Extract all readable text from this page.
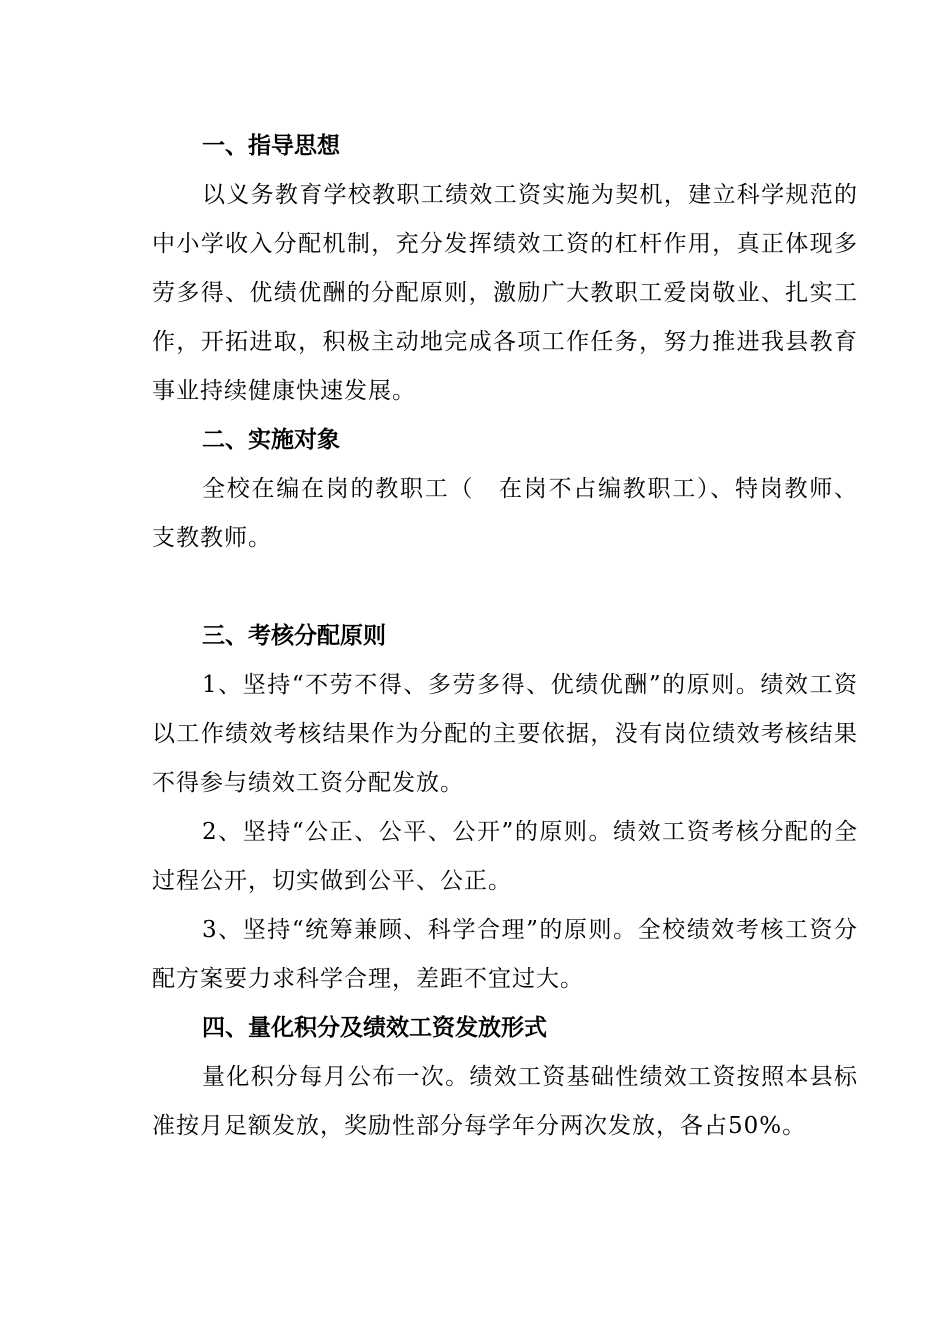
一、指导思想

以义务教育学校教职工绩效工资实施为契机，建立科学规范的中小学收入分配机制，充分发挥绩效工资的杠杆作用，真正体现多劳多得、优绩优酬的分配原则，激励广大教职工爱岗敬业、扎实工作，开拓进取，积极主动地完成各项工作任务，努力推进我县教育事业持续健康快速发展。

二、实施对象

全校在编在岗的教职工（　在岗不占编教职工）、特岗教师、支教教师。

三、考核分配原则

1、坚持“不劳不得、多劳多得、优绩优酬”的原则。绩效工资以工作绩效考核结果作为分配的主要依据，没有岗位绩效考核结果不得参与绩效工资分配发放。

2、坚持“公正、公平、公开”的原则。绩效工资考核分配的全过程公开，切实做到公平、公正。

3、坚持“统筹兼顾、科学合理”的原则。全校绩效考核工资分配方案要力求科学合理，差距不宜过大。

四、量化积分及绩效工资发放形式

量化积分每月公布一次。绩效工资基础性绩效工资按照本县标准按月足额发放，奖励性部分每学年分两次发放，各占50%。
